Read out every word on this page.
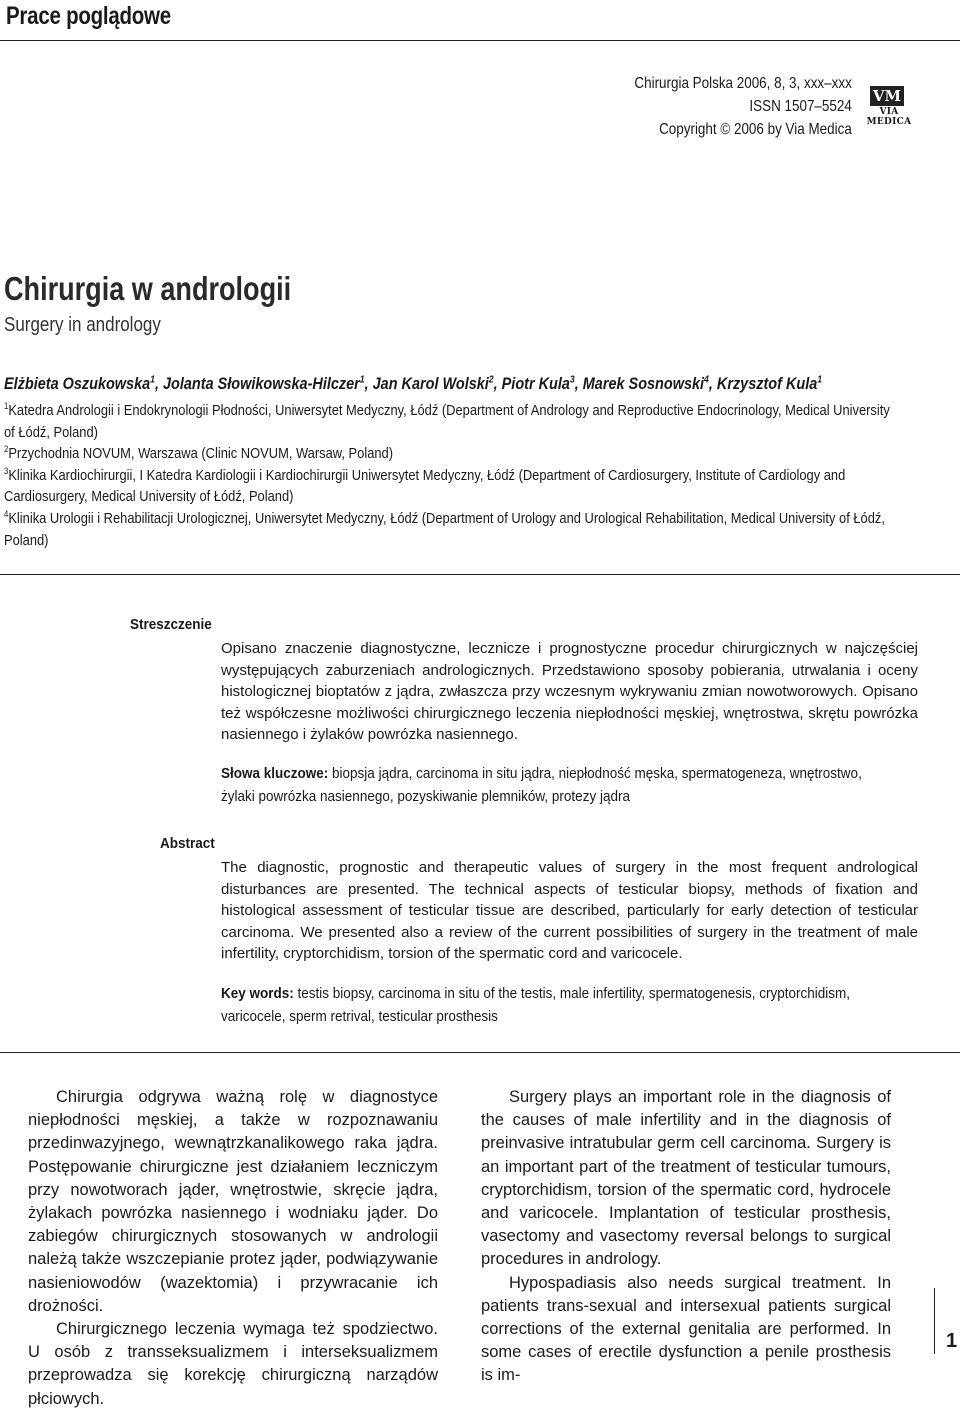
Prace poglądowe
Chirurgia Polska 2006, 8, 3, xxx–xxx
ISSN 1507–5524
Copyright © 2006 by Via Medica
VM
VIA MEDICA
Chirurgia w andrologii
Surgery in andrology
Elżbieta Oszukowska$^1$, Jolanta Słowikowska-Hilczer$^1$, Jan Karol Wolski$^2$, Piotr Kula$^3$, Marek Sosnowski$^4$, Krzysztof Kula$^1$

$^1$Katedra Andrologii i Endokrynologii Płodności, Uniwersytet Medyczny, Łódź (Department of Andrology and Reproductive Endocrinology, Medical University of Łódź, Poland)

$^2$Przychodnia NOVUM, Warszawa (Clinic NOVUM, Warsaw, Poland)

$^3$Klinika Kardiochirurgii, I Katedra Kardiologii i Kardiochirurgii Uniwersytet Medyczny, Łódź (Department of Cardiosurgery, Institute of Cardiology and Cardiosurgery, Medical University of Łódź, Poland)

$^4$Klinika Urologii i Rehabilitacji Urologicznej, Uniwersytet Medyczny, Łódź (Department of Urology and Urological Rehabilitation, Medical University of Łódź, Poland)

Streszczenie

Opisano znaczenie diagnostyczne, lecznicze i prognostyczne procedur chirurgicznych w najczęściej występujących zaburzeniach andrologicznych. Przedstawiono sposoby pobierania, utrwalania i oceny histologicznej bioptatów z jądra, zwłaszcza przy wczesnym wykrywaniu zmian nowotworowych. Opisano też współczesne możliwości chirurgicznego leczenia niepłodności męskiej, wnętrostwa, skrętu powrózka nasiennego i żylaków powrózka nasiennego.

Słowa kluczowe: biopsja jądra, carcinoma in situ jądra, niepłodność męska, spermatogeneza, wnętrostwo,
żylaki powrózka nasiennego, pozyskiwanie plemników, protezy jądra
Abstract

The diagnostic, prognostic and therapeutic values of surgery in the most frequent andrological disturbances are presented. The technical aspects of testicular biopsy, methods of fixation and histological assessment of testicular tissue are described, particularly for early detection of testicular carcinoma. We presented also a review of the current possibilities of surgery in the treatment of male infertility, cryptorchidism, torsion of the spermatic cord and varicocele.

Key words: testis biopsy, carcinoma in situ of the testis, male infertility, spermatogenesis, cryptorchidism,
varicocele, sperm retrival, testicular prosthesis

Chirurgia odgrywa ważną rolę w diagnostyce niepłodności męskiej, a także w rozpoznawaniu przedinwazyjnego, wewnątrzkanalikowego raka jądra. Postępowanie chirurgiczne jest działaniem leczniczym przy nowotworach jąder, wnętrostwie, skręcie jądra, żylakach powrózka nasiennego i wodniaku jąder. Do zabiegów chirurgicznych stosowanych w andrologii należą także wszczepianie protez jąder, podwiązywanie nasieniowodów (wazektomia) i przywracanie ich drożności.

Chirurgicznego leczenia wymaga też spodziectwo. U osób z transseksualizmem i interseksualizmem przeprowadza się korekcję chirurgiczną narządów płciowych.

Surgery plays an important role in the diagnosis of the causes of male infertility and in the diagnosis of preinvasive intratubular germ cell carcinoma. Surgery is an important part of the treatment of testicular tumours, cryptorchidism, torsion of the spermatic cord, hydrocele and varicocele. Implantation of testicular prosthesis, vasectomy and vasectomy reversal belongs to surgical procedures in andrology.

Hypospadiasis also needs surgical treatment. In patients trans-sexual and intersexual patients surgical corrections of the external genitalia are performed. In some cases of erectile dysfunction a penile prosthesis is im-

1
